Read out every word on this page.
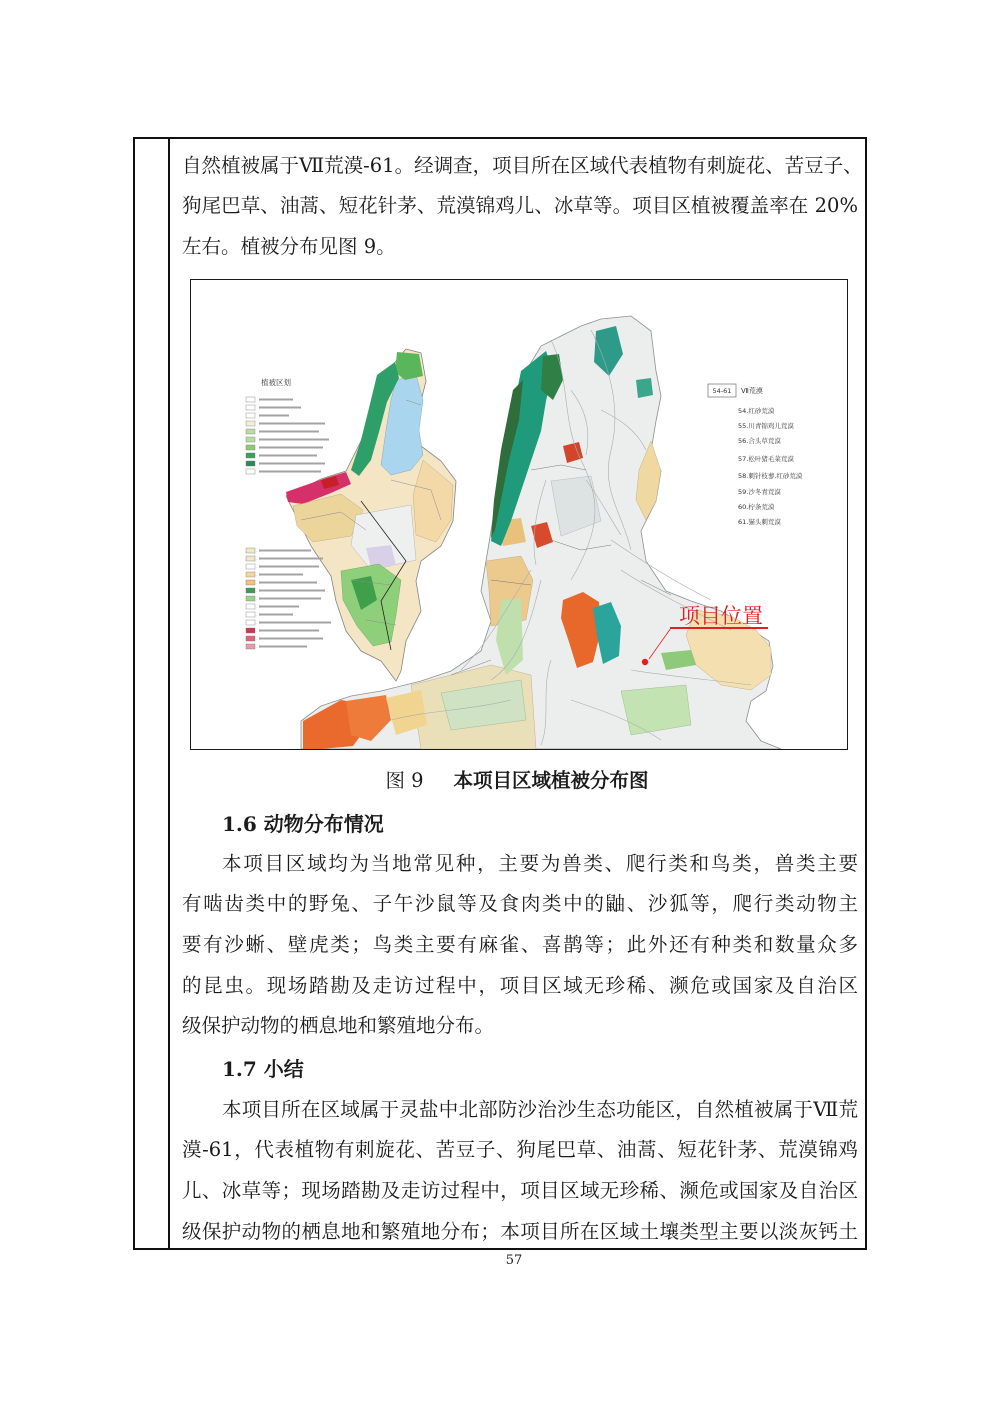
自然植被属于Ⅶ荒漠-61。经调查，项目所在区域代表植物有刺旋花、苦豆子、
狗尾巴草、油蒿、短花针茅、荒漠锦鸡儿、冰草等。项目区植被覆盖率在 20%
左右。植被分布见图 9。
植被区划
54-61 Ⅶ荒漠
54.红砂荒漠
55.川青锦鸡儿荒漠
56.合头草荒漠
57.松叶猪毛菜荒漠
58.刺针枝蓼.红砂荒漠
59.沙冬青荒漠
60.柠条荒漠
61.猫头刺荒漠
项目位置
图 9 本项目区域植被分布图
1.6 动物分布情况
本项目区域均为当地常见种，主要为兽类、爬行类和鸟类，兽类主要
有啮齿类中的野兔、子午沙鼠等及食肉类中的鼬、沙狐等，爬行类动物主
要有沙蜥、壁虎类；鸟类主要有麻雀、喜鹊等；此外还有种类和数量众多
的昆虫。现场踏勘及走访过程中，项目区域无珍稀、濒危或国家及自治区
级保护动物的栖息地和繁殖地分布。
1.7 小结
本项目所在区域属于灵盐中北部防沙治沙生态功能区，自然植被属于Ⅶ荒
漠-61，代表植物有刺旋花、苦豆子、狗尾巴草、油蒿、短花针茅、荒漠锦鸡
儿、冰草等；现场踏勘及走访过程中，项目区域无珍稀、濒危或国家及自治区
级保护动物的栖息地和繁殖地分布；本项目所在区域土壤类型主要以淡灰钙土
57
